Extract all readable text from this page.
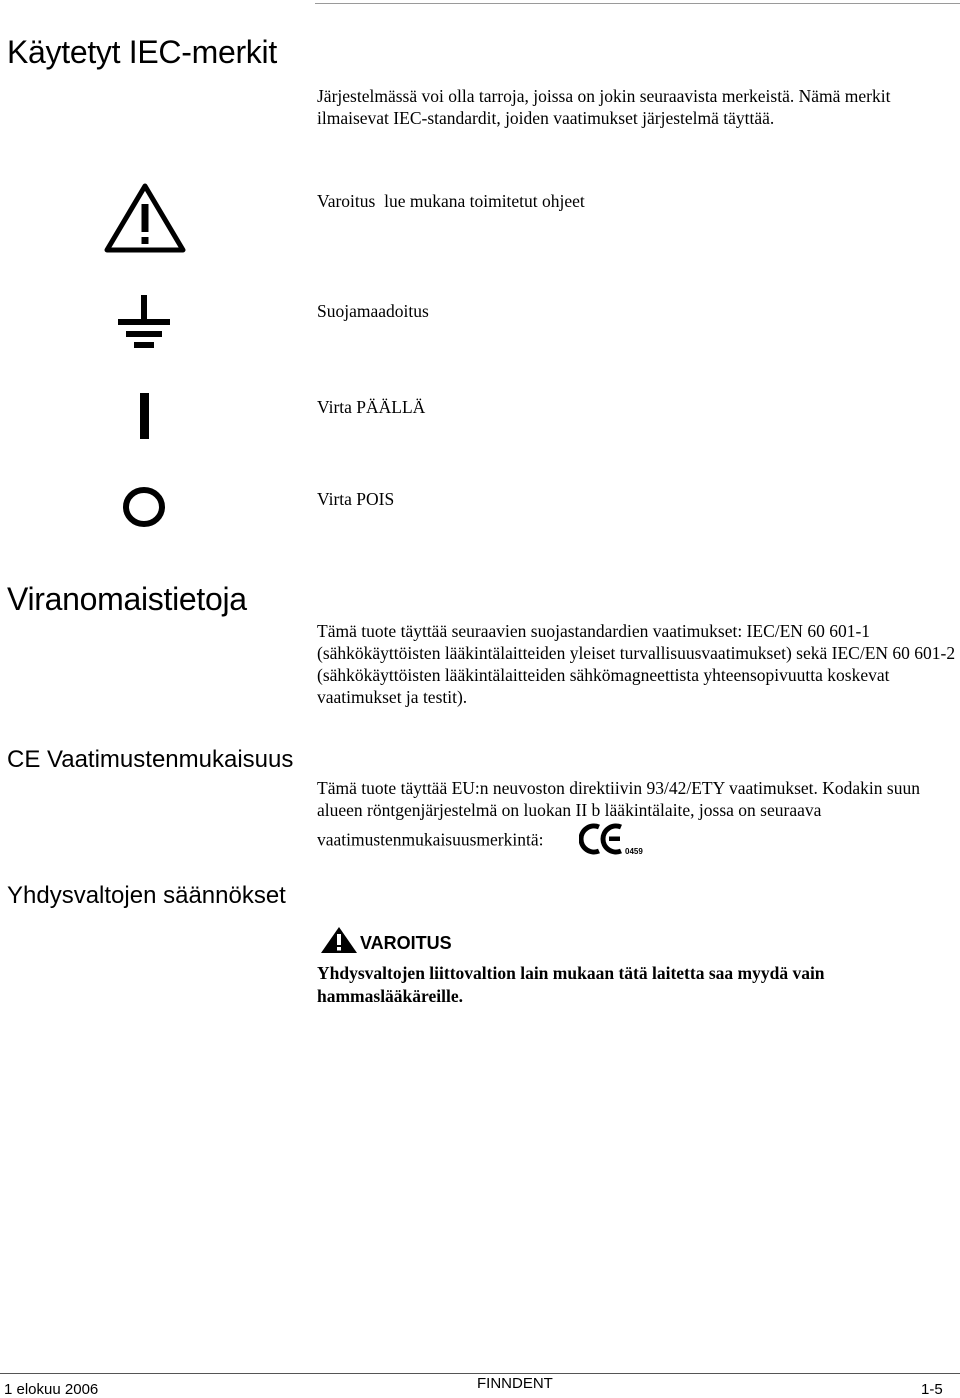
Käytetyt IEC-merkit

Järjestelmässä voi olla tarroja, joissa on jokin seuraavista merkeistä. Nämä merkit ilmaisevat IEC-standardit, joiden vaatimukset järjestelmä täyttää.

Varoitus  lue mukana toimitetut ohjeet
Suojamaadoitus
Virta PÄÄLLÄ
Virta POIS
Viranomaistietoja

Tämä tuote täyttää seuraavien suojastandardien vaatimukset: IEC/EN 60 601-1 (sähkökäyttöisten lääkintälaitteiden yleiset turvallisuusvaatimukset) sekä IEC/EN 60 601-2 (sähkökäyttöisten lääkintälaitteiden sähkömagneettista yhteensopivuutta koskevat vaatimukset ja testit).

CE Vaatimustenmukaisuus

Tämä tuote täyttää EU:n neuvoston direktiivin 93/42/ETY vaatimukset. Kodakin suun alueen röntgenjärjestelmä on luokan II b lääkintälaite, jossa on seuraava vaatimustenmukaisuusmerkintä:
0459

Yhdysvaltojen säännökset
VAROITUS

Yhdysvaltojen liittovaltion lain mukaan tätä laitetta saa myydä vain hammaslääkäreille.

1 elokuu 2006	FINNDENT	1-5
